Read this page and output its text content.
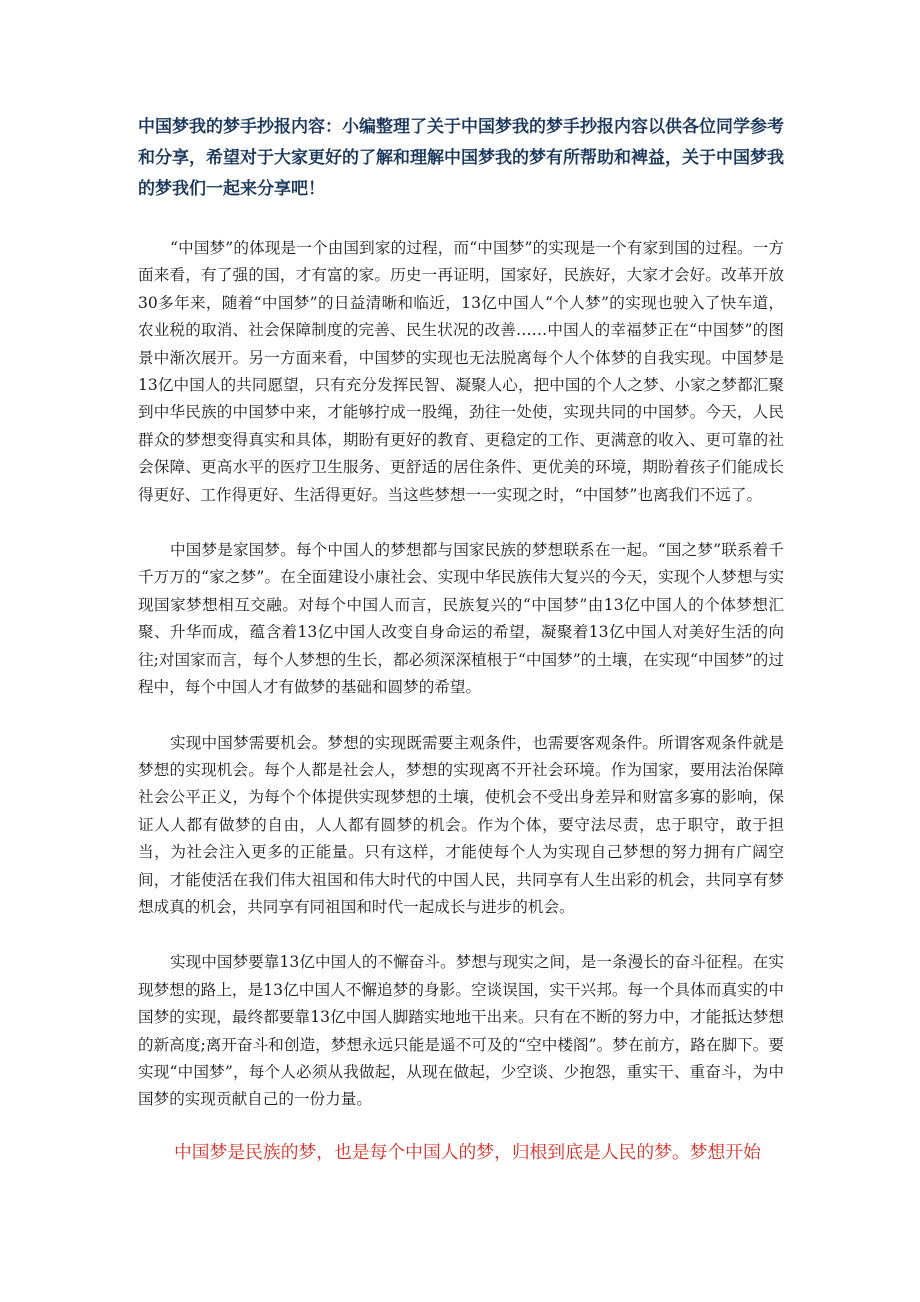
中国梦我的梦手抄报内容：小编整理了关于中国梦我的梦手抄报内容以供各位同学参考和分享，希望对于大家更好的了解和理解中国梦我的梦有所帮助和裨益，关于中国梦我的梦我们一起来分享吧！

“中国梦”的体现是一个由国到家的过程，而“中国梦”的实现是一个有家到国的过程。一方面来看，有了强的国，才有富的家。历史一再证明，国家好，民族好，大家才会好。改革开放30多年来，随着“中国梦”的日益清晰和临近，13亿中国人“个人梦”的实现也驶入了快车道，农业税的取消、社会保障制度的完善、民生状况的改善……中国人的幸福梦正在“中国梦”的图景中渐次展开。另一方面来看，中国梦的实现也无法脱离每个人个体梦的自我实现。中国梦是13亿中国人的共同愿望，只有充分发挥民智、凝聚人心，把中国的个人之梦、小家之梦都汇聚到中华民族的中国梦中来，才能够拧成一股绳，劲往一处使，实现共同的中国梦。今天，人民群众的梦想变得真实和具体，期盼有更好的教育、更稳定的工作、更满意的收入、更可靠的社会保障、更高水平的医疗卫生服务、更舒适的居住条件、更优美的环境，期盼着孩子们能成长得更好、工作得更好、生活得更好。当这些梦想一一实现之时，“中国梦”也离我们不远了。

中国梦是家国梦。每个中国人的梦想都与国家民族的梦想联系在一起。“国之梦”联系着千千万万的“家之梦”。在全面建设小康社会、实现中华民族伟大复兴的今天，实现个人梦想与实现国家梦想相互交融。对每个中国人而言，民族复兴的“中国梦”由13亿中国人的个体梦想汇聚、升华而成，蕴含着13亿中国人改变自身命运的希望，凝聚着13亿中国人对美好生活的向往;对国家而言，每个人梦想的生长，都必须深深植根于“中国梦”的土壤，在实现“中国梦”的过程中，每个中国人才有做梦的基础和圆梦的希望。

实现中国梦需要机会。梦想的实现既需要主观条件，也需要客观条件。所谓客观条件就是梦想的实现机会。每个人都是社会人，梦想的实现离不开社会环境。作为国家，要用法治保障社会公平正义，为每个个体提供实现梦想的土壤，使机会不受出身差异和财富多寡的影响，保证人人都有做梦的自由，人人都有圆梦的机会。作为个体，要守法尽责，忠于职守，敢于担当，为社会注入更多的正能量。只有这样，才能使每个人为实现自己梦想的努力拥有广阔空间，才能使活在我们伟大祖国和伟大时代的中国人民，共同享有人生出彩的机会，共同享有梦想成真的机会，共同享有同祖国和时代一起成长与进步的机会。

实现中国梦要靠13亿中国人的不懈奋斗。梦想与现实之间，是一条漫长的奋斗征程。在实现梦想的路上，是13亿中国人不懈追梦的身影。空谈误国，实干兴邦。每一个具体而真实的中国梦的实现，最终都要靠13亿中国人脚踏实地地干出来。只有在不断的努力中，才能抵达梦想的新高度;离开奋斗和创造，梦想永远只能是遥不可及的“空中楼阁”。梦在前方，路在脚下。要实现“中国梦”，每个人必须从我做起，从现在做起，少空谈、少抱怨，重实干、重奋斗，为中国梦的实现贡献自己的一份力量。

中国梦是民族的梦，也是每个中国人的梦，归根到底是人民的梦。梦想开始
